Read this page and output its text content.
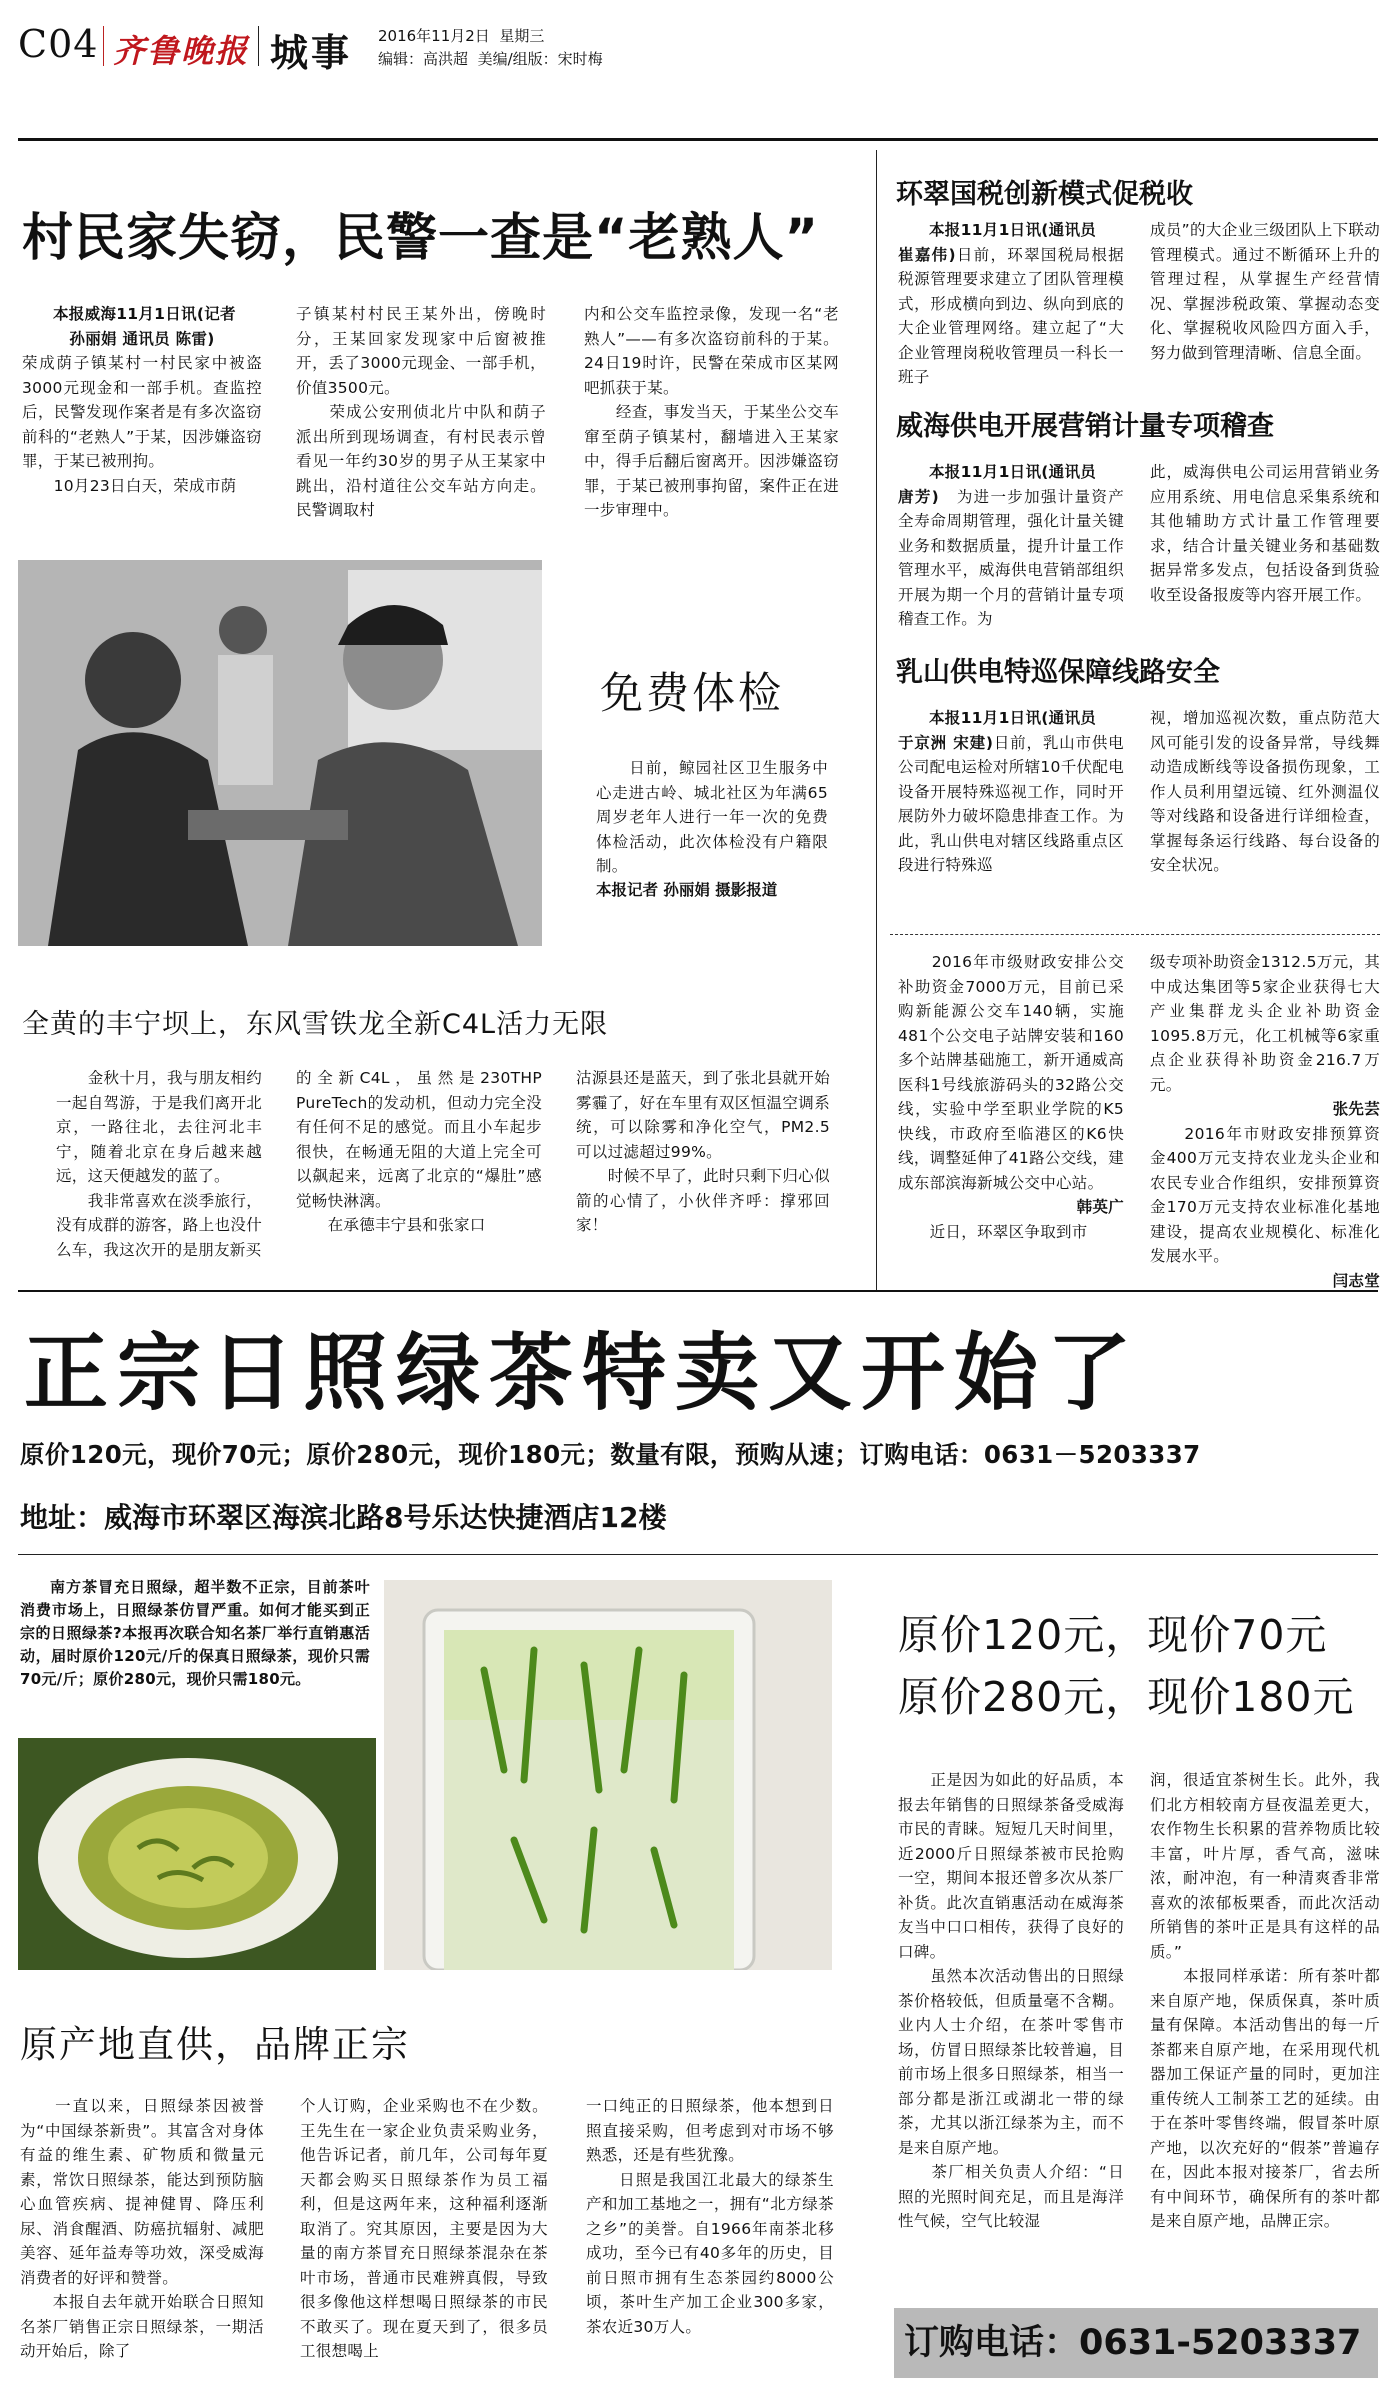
C04 齐鲁晚报 城事 2016年11月2日 星期三
编辑：高洪超 美编/组版：宋时梅
村民家失窃，民警一查是“老熟人”
本报威海11月1日讯(记者
孙丽娟 通讯员 陈雷)
荣成荫子镇某村一村民家中被盗3000元现金和一部手机。查监控后，民警发现作案者是有多次盗窃前科的“老熟人”于某，因涉嫌盗窃罪，于某已被刑拘。
　　10月23日白天，荣成市荫
子镇某村村民王某外出，傍晚时分，王某回家发现家中后窗被推开，丢了3000元现金、一部手机，价值3500元。
　　荣成公安刑侦北片中队和荫子派出所到现场调查，有村民表示曾看见一年约30岁的男子从王某家中跳出，沿村道往公交车站方向走。民警调取村
内和公交车监控录像，发现一名“老熟人”——有多次盗窃前科的于某。24日19时许，民警在荣成市区某网吧抓获于某。
　　经查，事发当天，于某坐公交车窜至荫子镇某村，翻墙进入王某家中，得手后翻后窗离开。因涉嫌盗窃罪，于某已被刑事拘留，案件正在进一步审理中。
免费体检
　　日前，鲸园社区卫生服务中心走进古岭、城北社区为年满65周岁老年人进行一年一次的免费体检活动，此次体检没有户籍限制。
本报记者 孙丽娟 摄影报道
环翠国税创新模式促税收
本报11月1日讯(通讯员
崔嘉伟)日前，环翠国税局根据税源管理要求建立了团队管理模式，形成横向到边、纵向到底的大企业管理网络。建立起了“大企业管理岗税收管理员一科长一班子
成员”的大企业三级团队上下联动管理模式。通过不断循环上升的管理过程，从掌握生产经营情况、掌握涉税政策、掌握动态变化、掌握税收风险四方面入手，努力做到管理清晰、信息全面。
威海供电开展营销计量专项稽查
本报11月1日讯(通讯员
唐芳)　 为进一步加强计量资产全寿命周期管理，强化计量关键业务和数据质量，提升计量工作管理水平，威海供电营销部组织开展为期一个月的营销计量专项稽查工作。为
此，威海供电公司运用营销业务应用系统、用电信息采集系统和其他辅助方式计量工作管理要求，结合计量关键业务和基础数据异常多发点，包括设备到货验收至设备报废等内容开展工作。
乳山供电特巡保障线路安全
本报11月1日讯(通讯员
于京洲 宋建)日前，乳山市供电公司配电运检对所辖10千伏配电设备开展特殊巡视工作，同时开展防外力破坏隐患排查工作。为此，乳山供电对辖区线路重点区段进行特殊巡
视，增加巡视次数，重点防范大风可能引发的设备异常，导线舞动造成断线等设备损伤现象，工作人员利用望远镜、红外测温仪等对线路和设备进行详细检查，掌握每条运行线路、每台设备的安全状况。
　　2016年市级财政安排公交补助资金7000万元，目前已采购新能源公交车140辆，实施481个公交电子站牌安装和160多个站牌基础施工，新开通威高医科1号线旅游码头的32路公交线，实验中学至职业学院的K5快线，市政府至临港区的K6快线，调整延伸了41路公交线，建成东部滨海新城公交中心站。
韩英广
　　近日，环翠区争取到市
级专项补助资金1312.5万元，其中成达集团等5家企业获得七大产业集群龙头企业补助资金1095.8万元，化工机械等6家重点企业获得补助资金216.7万元。
张先芸
　　2016年市财政安排预算资金400万元支持农业龙头企业和农民专业合作组织，安排预算资金170万元支持农业标准化基地建设，提高农业规模化、标准化发展水平。
闫志堂
全黄的丰宁坝上，东风雪铁龙全新C4L活力无限
　　金秋十月，我与朋友相约一起自驾游，于是我们离开北京，一路往北，去往河北丰宁，随着北京在身后越来越远，这天便越发的蓝了。
　　我非常喜欢在淡季旅行，没有成群的游客，路上也没什么车，我这次开的是朋友新买
的全新C4L，虽然是230THP PureTech的发动机，但动力完全没有任何不足的感觉。而且小车起步很快，在畅通无阻的大道上完全可以飙起来，远离了北京的“爆肚”感觉畅快淋漓。
　　在承德丰宁县和张家口
沽源县还是蓝天，到了张北县就开始雾霾了，好在车里有双区恒温空调系统，可以除雾和净化空气，PM2.5可以过滤超过99%。
　　时候不早了，此时只剩下归心似箭的心情了，小伙伴齐呼：撑邪回家！
正宗日照绿茶特卖又开始了
原价120元，现价70元；原价280元，现价180元；数量有限，预购从速；订购电话：0631－5203337
地址：威海市环翠区海滨北路8号乐达快捷酒店12楼
南方茶冒充日照绿，超半数不正宗，目前茶叶消费市场上，日照绿茶仿冒严重。如何才能买到正宗的日照绿茶?本报再次联合知名茶厂举行直销惠活动，届时原价120元/斤的保真日照绿茶，现价只需70元/斤；原价280元，现价只需180元。
原价120元，现价70元
原价280元，现价180元
　　正是因为如此的好品质，本报去年销售的日照绿茶备受威海市民的青睐。短短几天时间里，近2000斤日照绿茶被市民抢购一空，期间本报还曾多次从茶厂补货。此次直销惠活动在威海茶友当中口口相传，获得了良好的口碑。
　　虽然本次活动售出的日照绿茶价格较低，但质量毫不含糊。业内人士介绍，在茶叶零售市场，仿冒日照绿茶比较普遍，目前市场上很多日照绿茶，相当一部分都是浙江或湖北一带的绿茶，尤其以浙江绿茶为主，而不是来自原产地。
　　茶厂相关负责人介绍：“日照的光照时间充足，而且是海洋性气候，空气比较湿
润，很适宜茶树生长。此外，我们北方相较南方昼夜温差更大，农作物生长积累的营养物质比较丰富，叶片厚，香气高，滋味浓，耐冲泡，有一种清爽香非常喜欢的浓郁板栗香，而此次活动所销售的茶叶正是具有这样的品质。”
　　本报同样承诺：所有茶叶都来自原产地，保质保真，茶叶质量有保障。本活动售出的每一斤茶都来自原产地，在采用现代机器加工保证产量的同时，更加注重传统人工制茶工艺的延续。由于在茶叶零售终端，假冒茶叶原产地，以次充好的“假茶”普遍存在，因此本报对接茶厂，省去所有中间环节，确保所有的茶叶都是来自原产地，品牌正宗。
原产地直供，品牌正宗
　　一直以来，日照绿茶因被誉为“中国绿茶新贵”。其富含对身体有益的维生素、矿物质和微量元素，常饮日照绿茶，能达到预防脑心血管疾病、提神健胃、降压利尿、消食醒酒、防癌抗辐射、减肥美容、延年益寿等功效，深受威海消费者的好评和赞誉。
　　本报自去年就开始联合日照知名茶厂销售正宗日照绿茶，一期活动开始后，除了
个人订购，企业采购也不在少数。王先生在一家企业负责采购业务，他告诉记者，前几年，公司每年夏天都会购买日照绿茶作为员工福利，但是这两年来，这种福利逐渐取消了。究其原因，主要是因为大量的南方茶冒充日照绿茶混杂在茶叶市场，普通市民难辨真假，导致很多像他这样想喝日照绿茶的市民不敢买了。现在夏天到了，很多员工很想喝上
一口纯正的日照绿茶，他本想到日照直接采购，但考虑到对市场不够熟悉，还是有些犹豫。
　　日照是我国江北最大的绿茶生产和加工基地之一，拥有“北方绿茶之乡”的美誉。自1966年南茶北移成功，至今已有40多年的历史，目前日照市拥有生态茶园约8000公顷，茶叶生产加工企业300多家，茶农近30万人。	订购电话：0631-5203337
